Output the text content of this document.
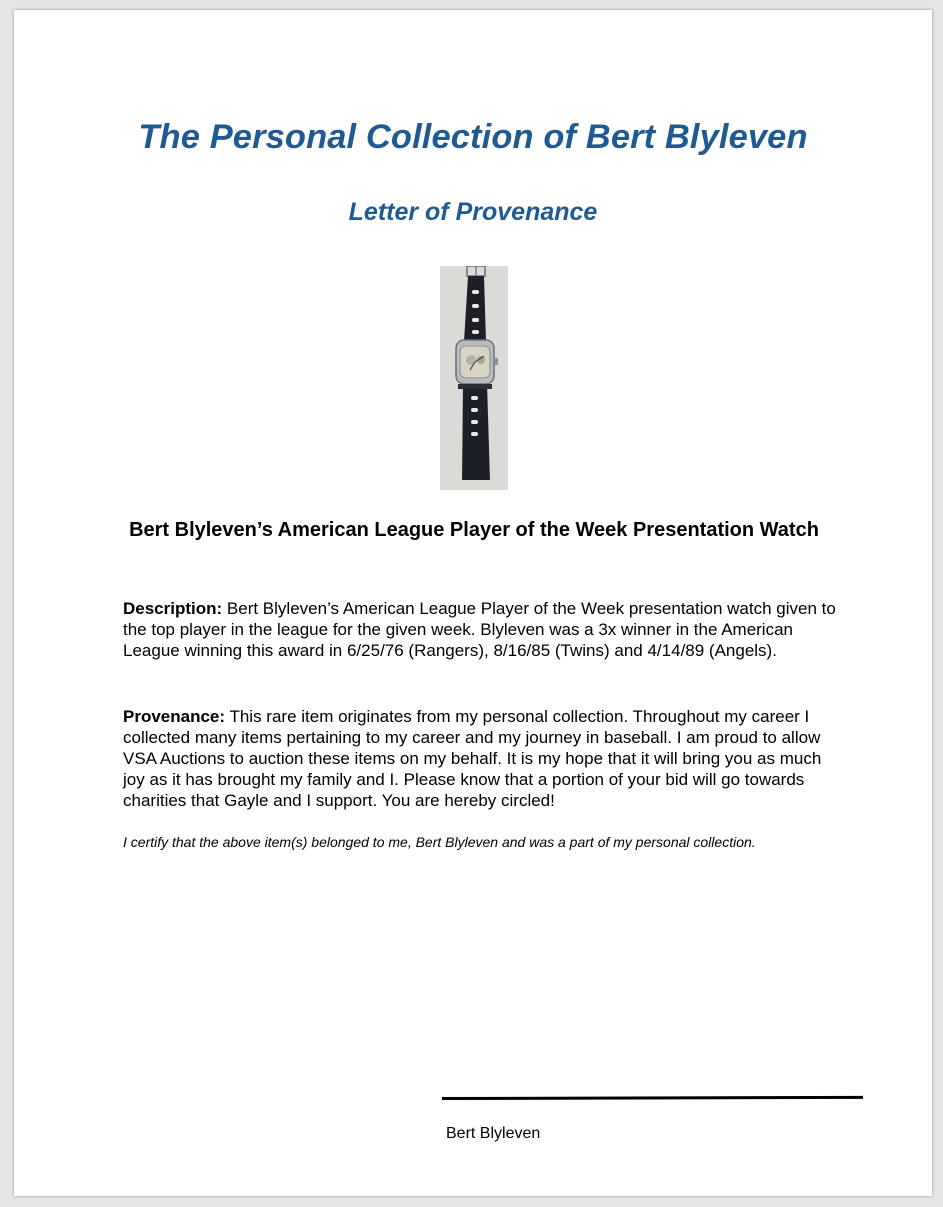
The Personal Collection of Bert Blyleven
Letter of Provenance
Bert Blyleven’s American League Player of the Week Presentation Watch

Description: Bert Blyleven’s American League Player of the Week presentation watch given to the top player in the league for the given week. Blyleven was a 3x winner in the American League winning this award in 6/25/76 (Rangers), 8/16/85 (Twins) and 4/14/89 (Angels).

Provenance: This rare item originates from my personal collection. Throughout my career I collected many items pertaining to my career and my journey in baseball. I am proud to allow VSA Auctions to auction these items on my behalf. It is my hope that it will bring you as much joy as it has brought my family and I. Please know that a portion of your bid will go towards charities that Gayle and I support. You are hereby circled!

I certify that the above item(s) belonged to me, Bert Blyleven and was a part of my personal collection.

Bert Blyleven
